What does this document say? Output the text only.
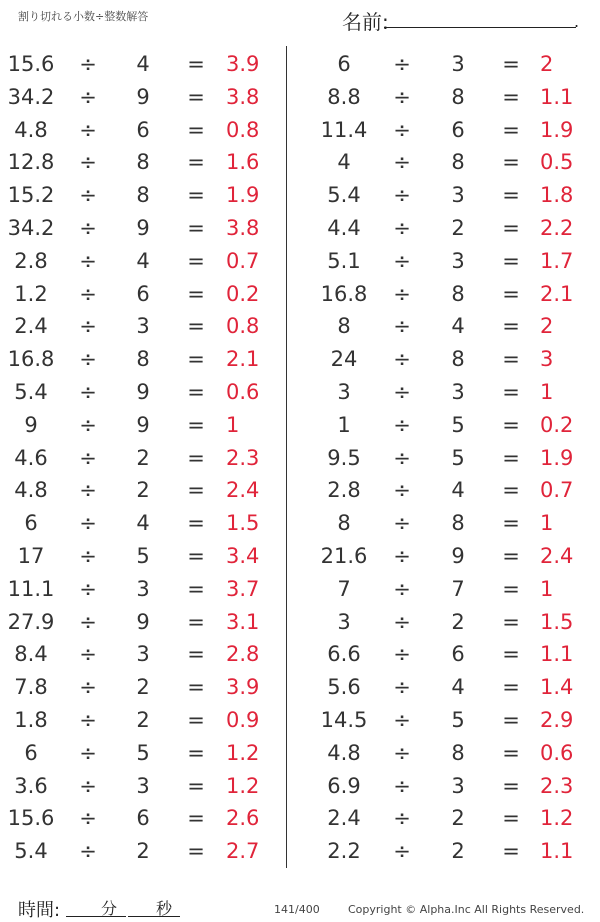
割り切れる小数÷整数解答	名前:	.
15.6	÷	4	= 3.9
34.2	÷	9	= 3.8
4.8	÷	6	= 0.8
12.8	÷	8	= 1.6
15.2	÷	8	= 1.9
34.2	÷	9	= 3.8
2.8	÷	4	= 0.7
1.2	÷	6	= 0.2
2.4	÷	3	= 0.8
16.8	÷	8	= 2.1
5.4	÷	9	= 0.6
9	÷	9	= 1
4.6	÷	2	= 2.3
4.8	÷	2	= 2.4
6	÷	4	= 1.5
17	÷	5	= 3.4
11.1	÷	3	= 3.7
27.9	÷	9	= 3.1
8.4	÷	3	= 2.8
7.8	÷	2	= 3.9
1.8	÷	2	= 0.9
6	÷	5	= 1.2
3.6	÷	3	= 1.2
15.6	÷	6	= 2.6
5.4	÷	2	= 2.7
6	÷	3	= 2
8.8	÷	8	= 1.1
11.4 ÷	6	= 1.9
4	÷	8	= 0.5
5.4	÷	3	= 1.8
4.4	÷	2	= 2.2
5.1	÷	3	= 1.7
16.8 ÷	8	= 2.1
8	÷	4	= 2
24	÷	8	= 3
3	÷	3	= 1
1	÷	5	= 0.2
9.5	÷	5	= 1.9
2.8	÷	4	= 0.7
8	÷	8	= 1
21.6 ÷	9	= 2.4
7	÷	7	= 1
3	÷	2	= 1.5
6.6	÷	6	= 1.1
5.6	÷	4	= 1.4
14.5 ÷	5	= 2.9
4.8	÷	8	= 0.6
6.9	÷	3	= 2.3
2.4	÷	2	= 1.2
2.2	÷	2	= 1.1
時間:	分 秒	141/400	Copyright © Alpha.Inc All Rights Reserved.
